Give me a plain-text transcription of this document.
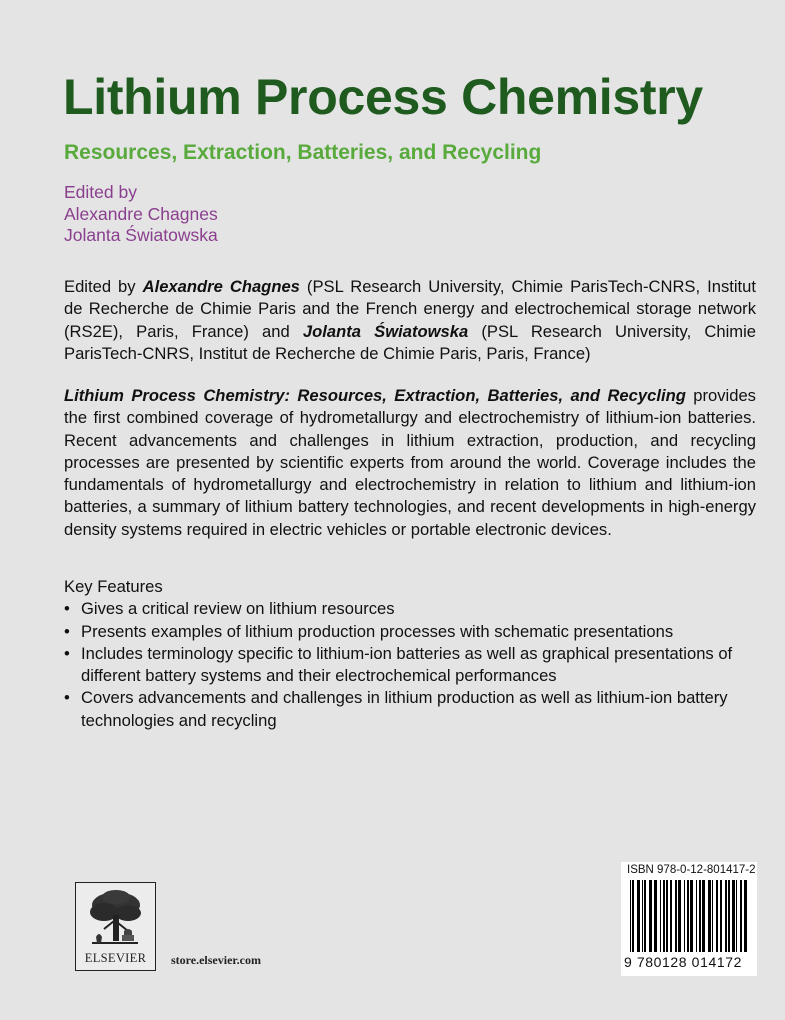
Lithium Process Chemistry
Resources, Extraction, Batteries, and Recycling
Edited by
Alexandre Chagnes
Jolanta Światowska

Edited by Alexandre Chagnes (PSL Research University, Chimie ParisTech-CNRS, Institut de Recherche de Chimie Paris and the French energy and electrochemical storage network (RS2E), Paris, France) and Jolanta Światowska (PSL Research University, Chimie ParisTech-CNRS, Institut de Recherche de Chimie Paris, Paris, France)

Lithium Process Chemistry: Resources, Extraction, Batteries, and Recycling provides the first combined coverage of hydrometallurgy and electrochemistry of lithium-ion batteries. Recent advancements and challenges in lithium extraction, production, and recycling processes are presented by scientific experts from around the world. Coverage includes the fundamentals of hydrometallurgy and electrochemistry in relation to lithium and lithium-ion batteries, a summary of lithium battery technologies, and recent developments in high-energy density systems required in electric vehicles or portable electronic devices.

Key Features
• Gives a critical review on lithium resources
• Presents examples of lithium production processes with schematic presentations
• Includes terminology specific to lithium-ion batteries as well as graphical presentations of different battery systems and their electrochemical performances
• Covers advancements and challenges in lithium production as well as lithium-ion battery technologies and recycling
ELSEVIER	store.elsevier.com
ISBN 978-0-12-801417-2
9 780128 014172
